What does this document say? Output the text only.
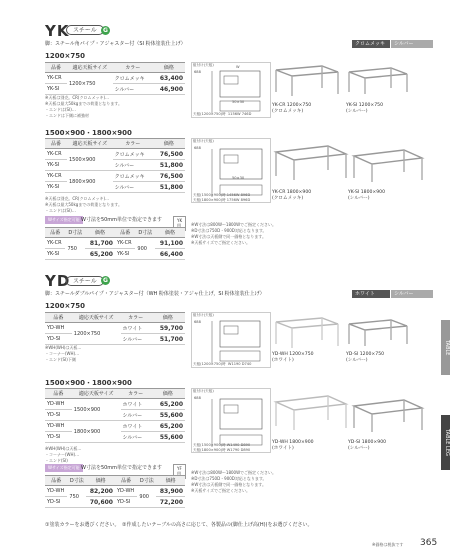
YK スチール	G
脚：スチール角パイプ・アジャスター付（SI 粉体塗装仕上げ）	クロムメッキ	シルバー
1200×750
品番	適応天板サイズ	カラー	価格
YK-CR	1200×750	クロムメッキ	63,400
YK-SI		シルバー	46,900
※天板は別売。CR(クロムメッキ)…
※天板は最大50kgまでの荷重となります。
・エンドは(SI)…
・エンドは下側に補強材
組付け(天板)
688
W
50×30
天板(1200×750)時  1156W 746D
YK-CR 1200×750
(クロムメッキ)
YK-SI 1200×750
(シルバー)
1500×900・1800×900
品番	適応天板サイズ	カラー	価格
YK-CR	1500×900	クロムメッキ	76,500
YK-SI		シルバー	51,800
YK-CR	1800×900	クロムメッキ	76,500
YK-SI		シルバー	51,800
※天板は別売。CR(クロムメッキ)…
※天板は最大50kgまでの荷重となります。
・エンドは(SI)…
Wサイズ指定可能 W寸法を50mm単位で指定できます	YK 用
品番	D寸法	価格	品番	D寸法	価格
YK-CR	750	81,700	YK-CR	900	91,100
YK-SI		65,200	YK-SI		66,400
組付け(天板)
688
50×30
天板(1500×900)時 1456W 896D
天板(1800×900)時 1756W 896D
YK-CR 1800×900
(クロムメッキ)
YK-SI 1800×900
(シルバー)
※W寸法は800W〜1800Wでご指定ください。
※D寸法は750D・900D対応となります。
※W寸法は天板側で同一価格となります。
※天板サイズでご指定ください。
YD スチール	G
脚：スチールダブルパイプ・アジャスター付（WH 粉体塗装・アジャ仕上げ，SI 粉体塗装仕上げ）	ホワイト	シルバー
1200×750
品番	適応天板サイズ	カラー	価格
YD-WH	1200×750	ホワイト	59,700
YD-SI		シルバー	51,700
※WH(WH)は天板…
・コーナー(WH)…
・エンド(SI)下側
組付け(天板)
688
天板(1200×750)時  W1190 D740
YD-WH 1200×750
(ホワイト)
YD-SI 1200×750
(シルバー)
1500×900・1800×900
品番	適応天板サイズ	カラー	価格
YD-WH	1500×900	ホワイト	65,200
YD-SI		シルバー	55,600
YD-WH	1800×900	ホワイト	65,200
YD-SI		シルバー	55,600
※WH(WH)は天板…
・コーナー(WH)…
・エンド(SI)
Wサイズ指定可能 W寸法を50mm単位で指定できます	YF 用
品番	D寸法	価格	品番	D寸法	価格
YD-WH	750	82,200	YD-WH	900	83,900
YD-SI		70,600	YD-SI		72,200
組付け(天板)
688
天板(1500×900)時 W1490 D890
天板(1800×900)時 W1790 D890
YD-WH 1800×900
(ホワイト)
YD-SI 1800×900
(シルバー)
※W寸法は800W〜1800Wでご指定ください。
※D寸法は750D・900D対応となります。
※W寸法は天板側で同一価格となります。
※天板サイズでご指定ください。
TABLE
TABLE LEG
①塗装カラーをお選びください。　②作成したいテーブルの高さに応じて、各製品の(脚仕上げ高(H))をお選びください。
※価格は税抜です 365
